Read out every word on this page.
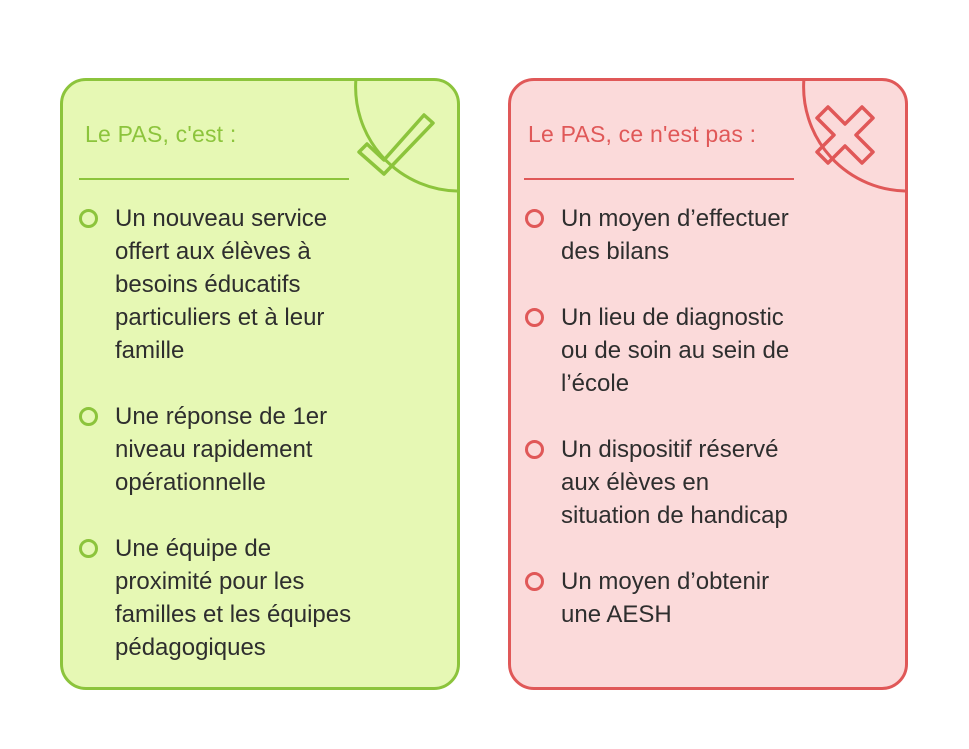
Le PAS, c'est :
Un nouveau service
offert aux élèves à
besoins éducatifs
particuliers et à leur
famille
Une réponse de 1er
niveau rapidement
opérationnelle
Une équipe de
proximité pour les
familles et les équipes
pédagogiques
Le PAS, ce n'est pas :
Un moyen d’effectuer
des bilans
Un lieu de diagnostic
ou de soin au sein de
l’école
Un dispositif réservé
aux élèves en
situation de handicap
Un moyen d’obtenir
une AESH
